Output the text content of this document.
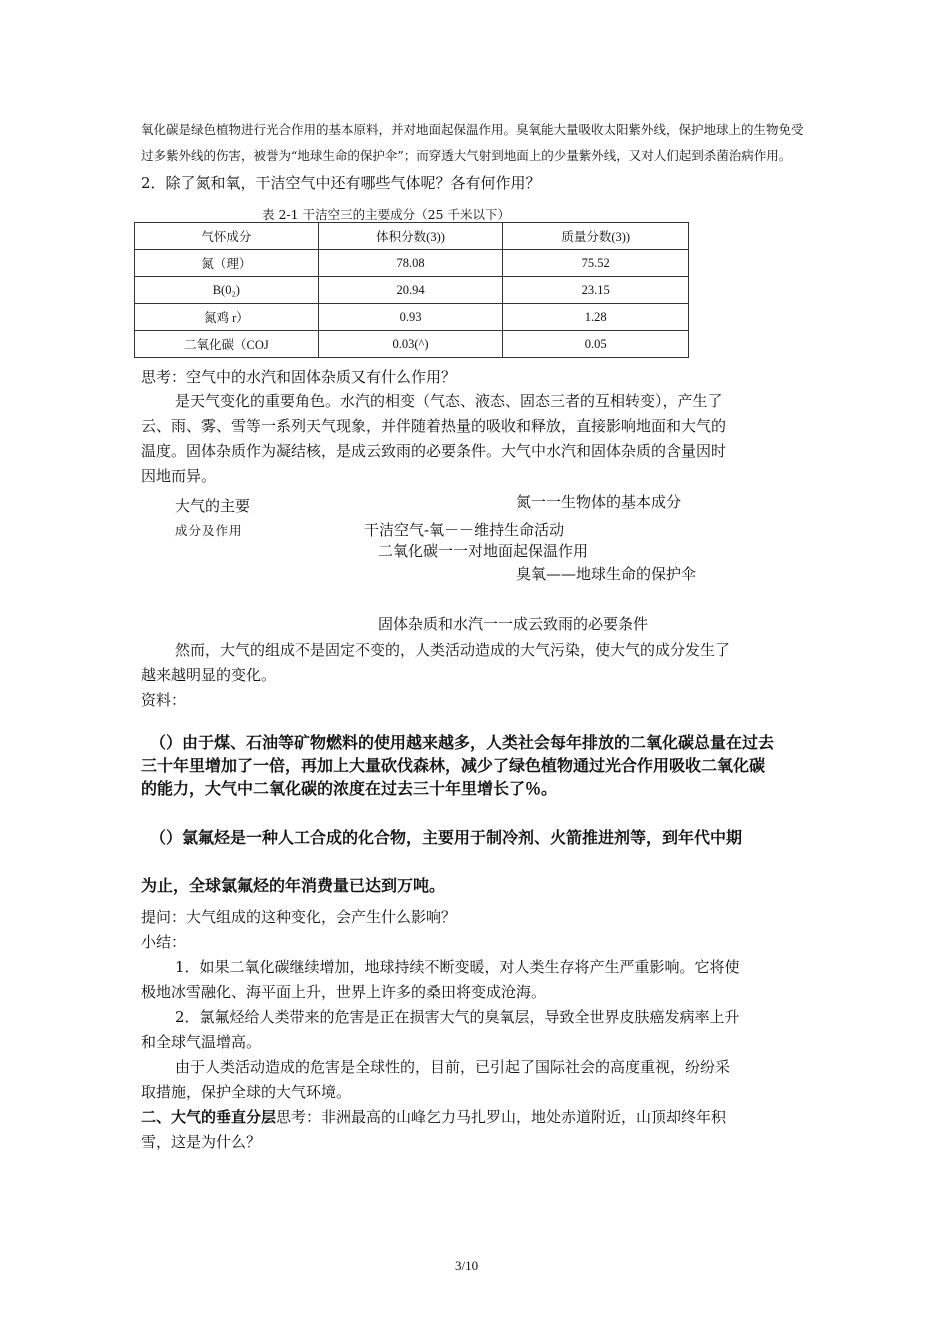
氧化碳是绿色植物进行光合作用的基本原料，并对地面起保温作用。臭氧能大量吸收太阳紫外线，保护地球上的生物免受
过多紫外线的伤害，被誉为“地球生命的保护伞”；而穿透大气射到地面上的少量紫外线，又对人们起到杀菌治病作用。
2．除了氮和氧，干洁空气中还有哪些气体呢？各有何作用？
表 2-1 干洁空三的主要成分（25 千米以下）
气怀成分	体积分数(3))	质量分数(3))
氮（理）	78.08	75.52
B(0₂)	20.94	23.15
氮鸡 r）	0.93	1.28
二氧化碳（COJ	0.03(^)	0.05
思考：空气中的水汽和固体杂质又有什么作用？
是天气变化的重要角色。水汽的相变（气态、液态、固态三者的互相转变），产生了
云、雨、雾、雪等一系列天气现象，并伴随着热量的吸收和释放，直接影响地面和大气的
温度。固体杂质作为凝结核，是成云致雨的必要条件。大气中水汽和固体杂质的含量因时
因地而异。
大气的主要
成分及作用
氮一一生物体的基本成分
干洁空气-氧－－维持生命活动
二氧化碳一一对地面起保温作用
臭氧——地球生命的保护伞
固体杂质和水汽一一成云致雨的必要条件
然而，大气的组成不是固定不变的，人类活动造成的大气污染，使大气的成分发生了
越来越明显的变化。
资料：
（）由于煤、石油等矿物燃料的使用越来越多，人类社会每年排放的二氧化碳总量在过去
三十年里增加了一倍，再加上大量砍伐森林，减少了绿色植物通过光合作用吸收二氧化碳
的能力，大气中二氧化碳的浓度在过去三十年里增长了％。
（）氯氟烃是一种人工合成的化合物，主要用于制冷剂、火箭推进剂等，到年代中期
为止，全球氯氟烃的年消费量已达到万吨。
提问：大气组成的这种变化，会产生什么影响？
小结：
1．如果二氧化碳继续增加，地球持续不断变暖，对人类生存将产生严重影响。它将使
极地冰雪融化、海平面上升，世界上许多的桑田将变成沧海。
2．氯氟烃给人类带来的危害是正在损害大气的臭氧层，导致全世界皮肤癌发病率上升
和全球气温增高。
由于人类活动造成的危害是全球性的，目前，已引起了国际社会的高度重视，纷纷采
取措施，保护全球的大气环境。
二、大气的垂直分层思考：非洲最高的山峰乞力马扎罗山，地处赤道附近，山顶却终年积
雪，这是为什么？
3/10
